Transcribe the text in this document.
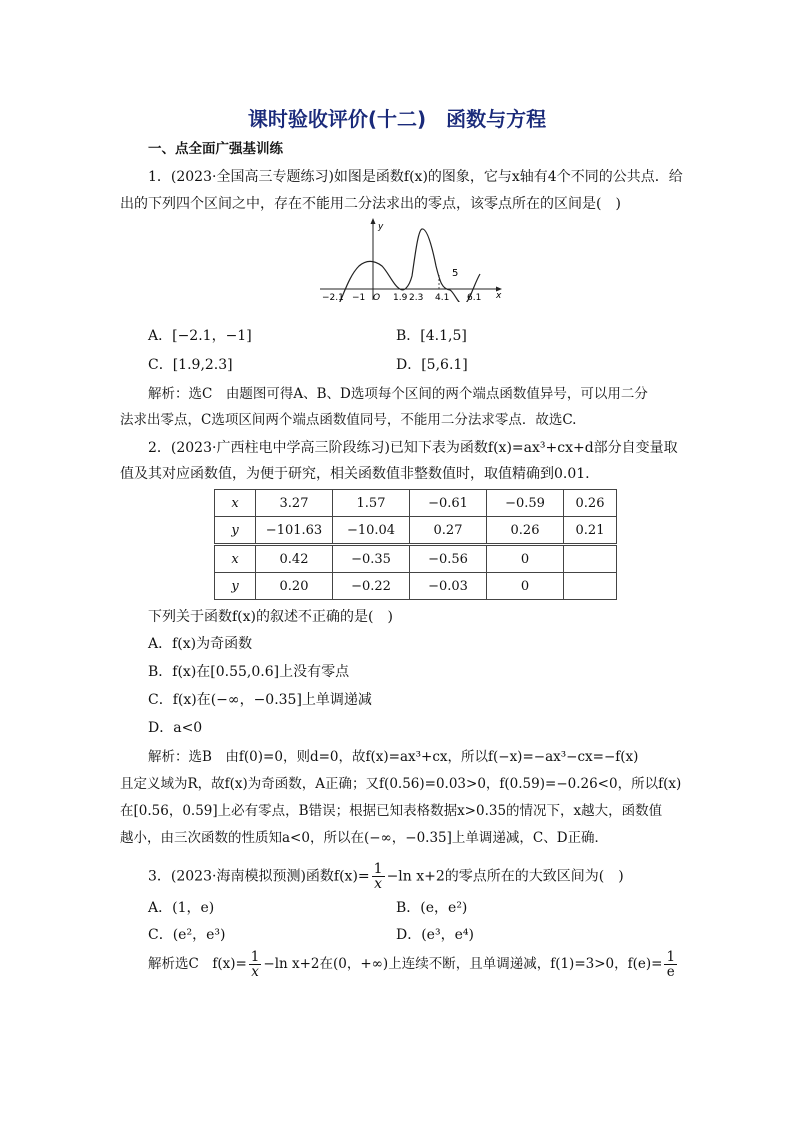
课时验收评价(十二)　函数与方程
一、点全面广强基训练
1．(2023·全国高三专题练习)如图是函数f(x)的图象，它与x轴有4个不同的公共点．给
出的下列四个区间之中，存在不能用二分法求出的零点，该零点所在的区间是(　)
5
y
x
−2.1 −1 O 1.9 2.3 4.1 6.1
A．[−2.1，−1]	B．[4.1,5]
C．[1.9,2.3]	D．[5,6.1]
解析：选C　由题图可得A、B、D选项每个区间的两个端点函数值异号，可以用二分
法求出零点，C选项区间两个端点函数值同号，不能用二分法求零点．故选C.
2．(2023·广西柱电中学高三阶段练习)已知下表为函数f(x)=ax³+cx+d部分自变量取
值及其对应函数值，为便于研究，相关函数值非整数值时，取值精确到0.01.
x	3.27	1.57	−0.61	−0.59	0.26
y	−101.63	−10.04	0.27	0.26	0.21
x	0.42	−0.35	−0.56	0	
y	0.20	−0.22	−0.03	0	
下列关于函数f(x)的叙述不正确的是(　)
A．f(x)为奇函数
B．f(x)在[0.55,0.6]上没有零点
C．f(x)在(−∞，−0.35]上单调递减
D．a<0
解析：选B　由f(0)=0，则d=0，故f(x)=ax³+cx，所以f(−x)=−ax³−cx=−f(x)
且定义域为R，故f(x)为奇函数，A正确；又f(0.56)=0.03>0，f(0.59)=−0.26<0，所以f(x)
在[0.56，0.59]上必有零点，B错误；根据已知表格数据x>0.35的情况下，x越大，函数值
越小，由三次函数的性质知a<0，所以在(−∞，−0.35]上单调递减，C、D正确．
3．(2023·海南模拟预测)函数$f(x)= \frac{1}{x} -\ln$ x+2的零点所在的大致区间为(　)
A．(1，e)	B．(e，e²)
C．(e²，e³)	D．(e³，e⁴)
解析选C　$f(x)= \frac{1}{x} -\ln$ x+2在(0，+∞)上连续不断，且单调递减，f(1)=3>0，$f(e)= \frac{1}{e}$
